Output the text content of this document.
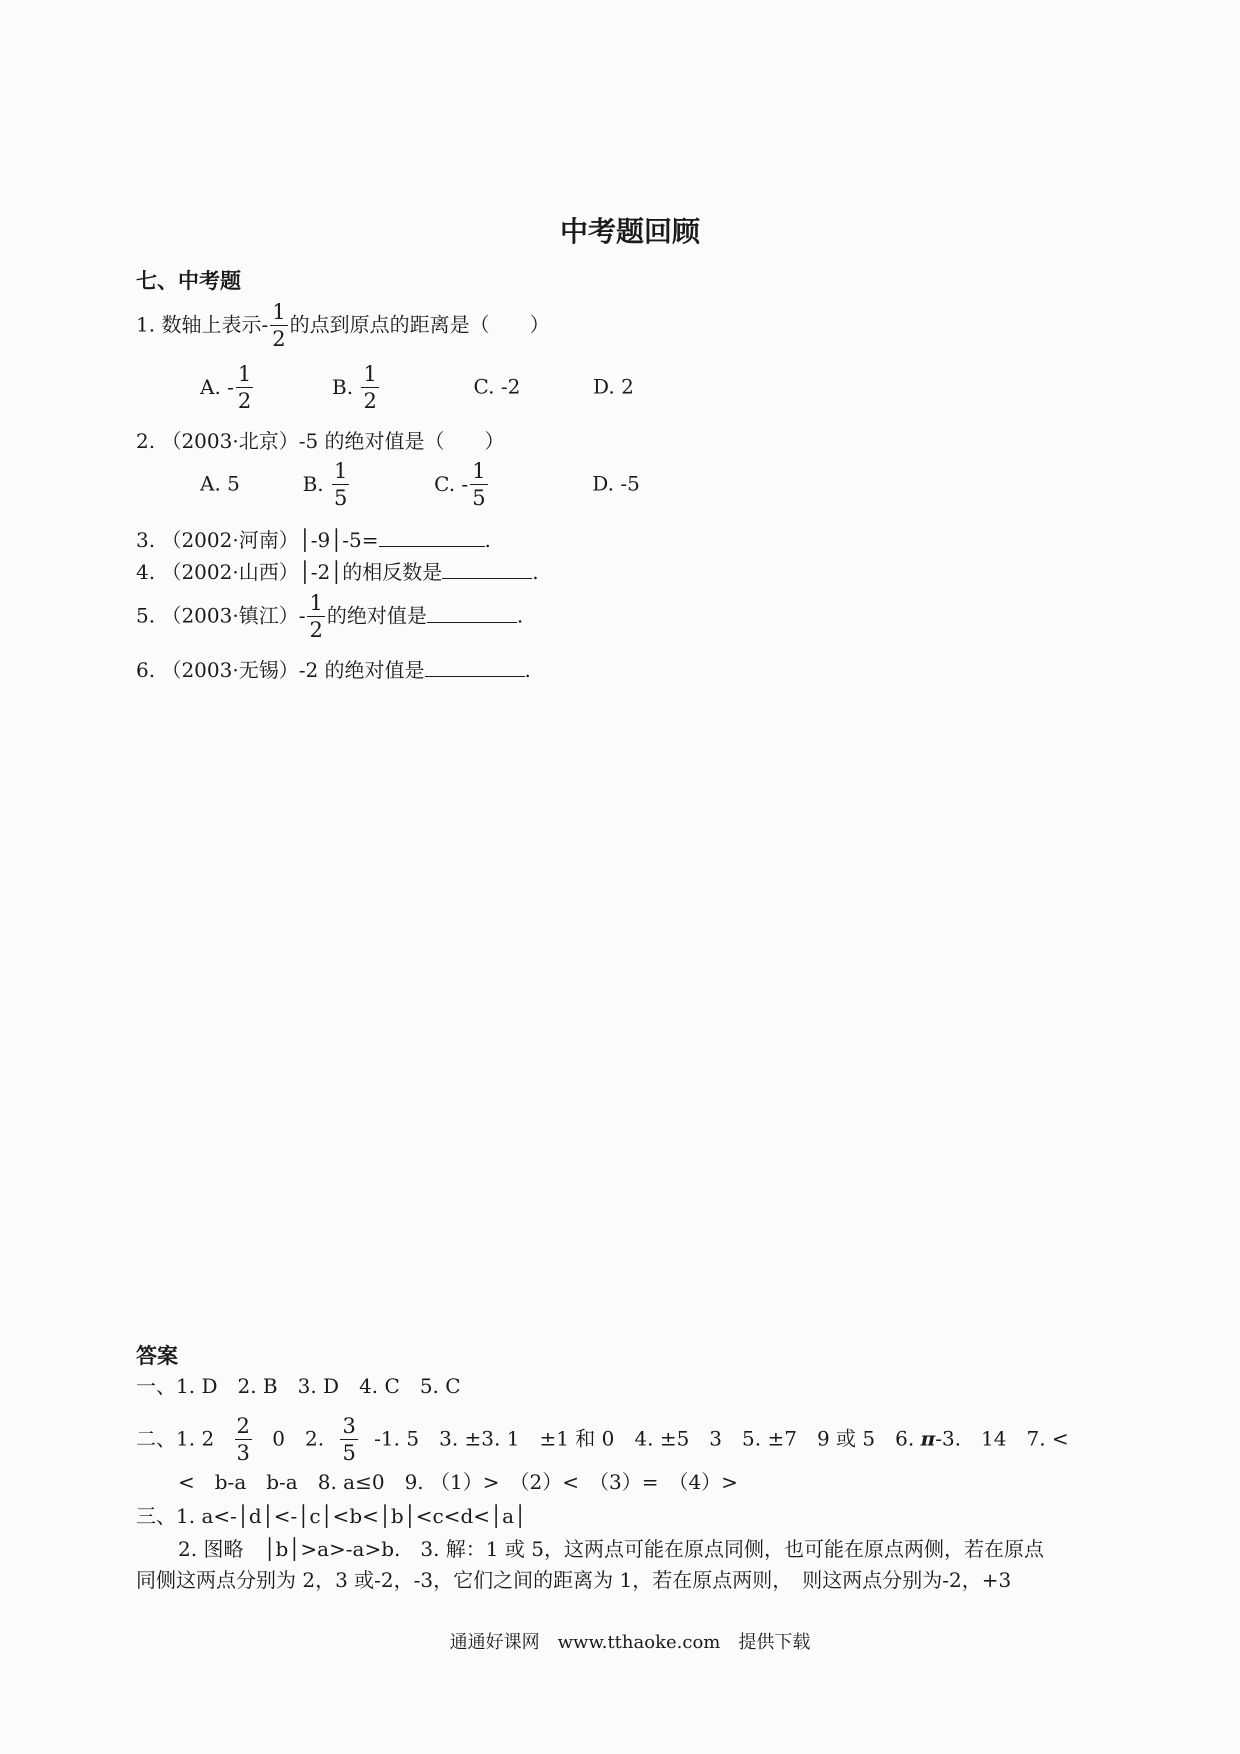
中考题回顾
七、中考题
1. 数轴上表示- $\frac{1}{2}$ 的点到原点的距离是（　　）
A. - $\frac{1}{2}$	B. $\frac{1}{2}$	C. -2	D. 2
2. （2003·北京）-5 的绝对值是（　　）
A. 5	B. $\frac{1}{5}$	C. - $\frac{1}{5}$	D. -5
3. （2002·河南）│-9│-5=	.
4. （2002·山西）│-2│的相反数是	.
5. （2003·镇江）- $\frac{1}{2}$ 的绝对值是	.
6. （2003·无锡）-2 的绝对值是	.
答案
一、1. D　2. B　3. D　4. C　5. C
二、1. $2 \frac{2}{3} 0$　2. $\frac{3}{5} -1$. 5　3. ±3. 1　±1 和 0　4. ±5　3　5. ±7　9 或 5　6. π-3.　14　7. <
<　b-a　b-a　8. a≤0　9. （1）>　（2）<　（3）=　（4）>
三、1. a<-│d│<-│c│<b<│b│<c<d<│a│
2. 图略　│b│>a>-a>b.　3. 解：1 或 5，这两点可能在原点同侧，也可能在原点两侧，若在原点
同侧这两点分别为 2，3 或-2，-3，它们之间的距离为 1，若在原点两则，　则这两点分别为-2，+3
通通好课网　www.tthaoke.com　提供下载
